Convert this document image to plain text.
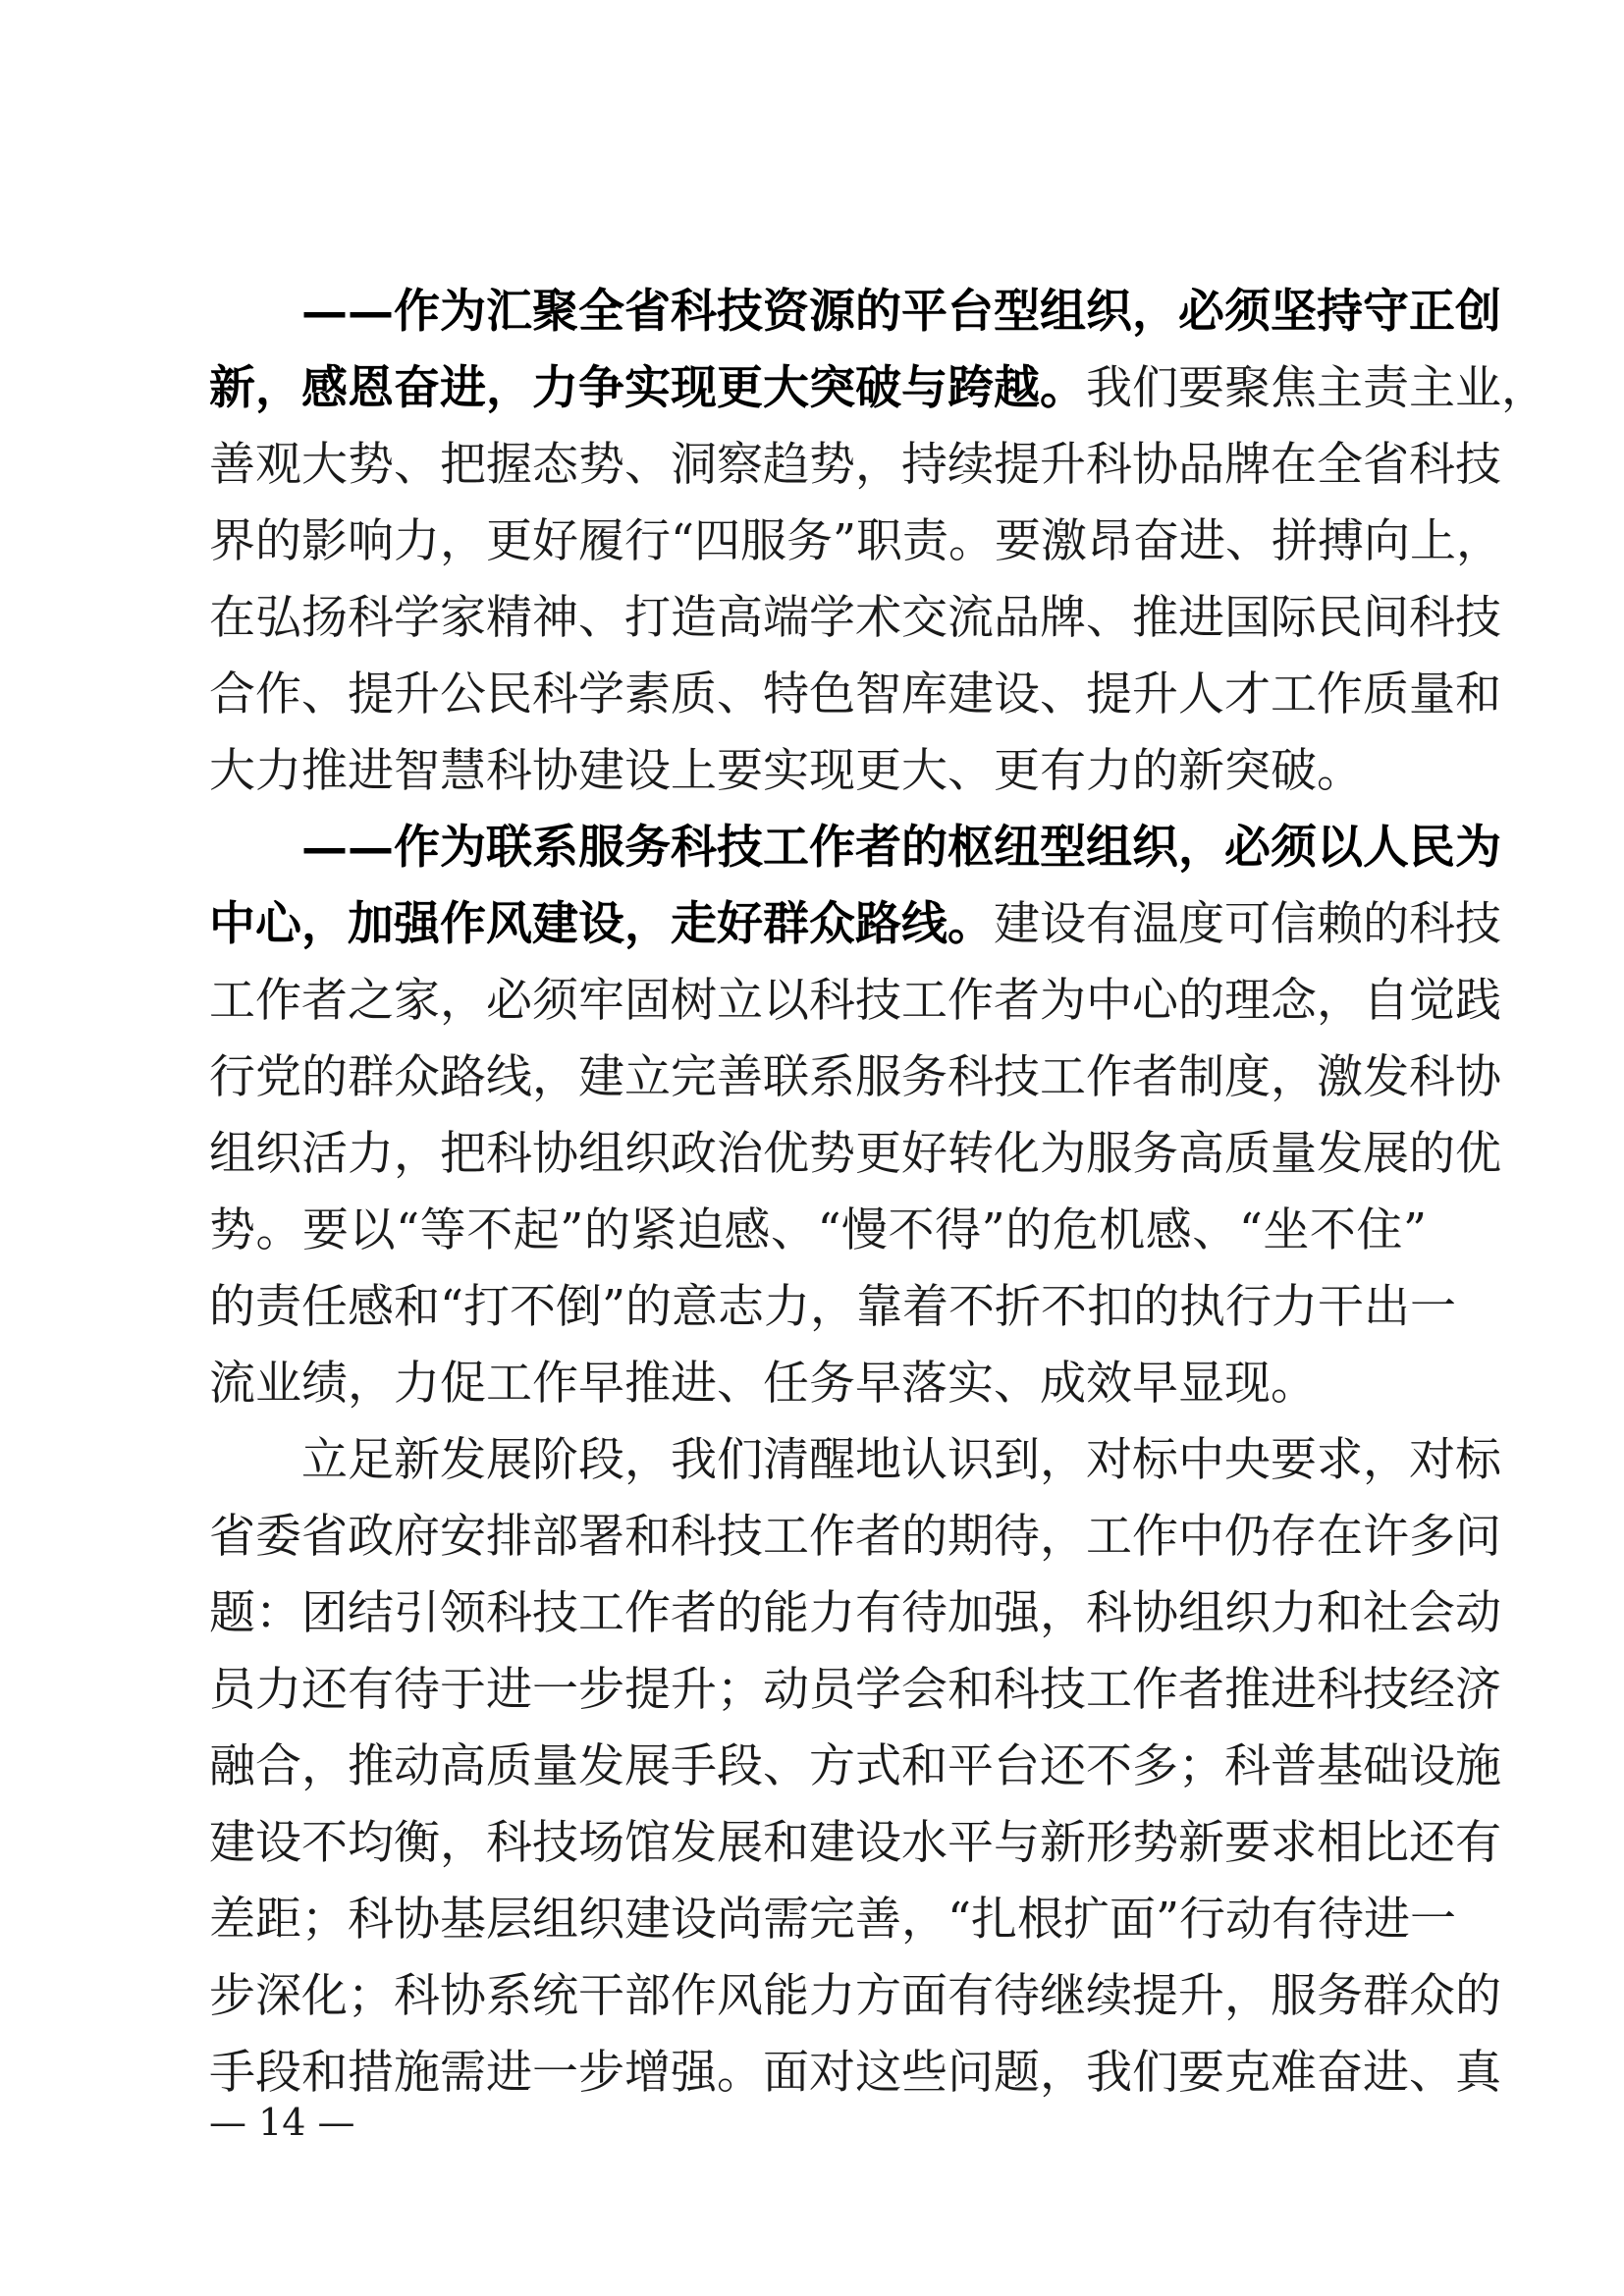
——作为汇聚全省科技资源的平台型组织，必须坚持守正创
新，感恩奋进，力争实现更大突破与跨越。我们要聚焦主责主业，
善观大势、把握态势、洞察趋势，持续提升科协品牌在全省科技
界的影响力，更好履行“四服务”职责。要激昂奋进、拼搏向上，
在弘扬科学家精神、打造高端学术交流品牌、推进国际民间科技
合作、提升公民科学素质、特色智库建设、提升人才工作质量和
大力推进智慧科协建设上要实现更大、更有力的新突破。
——作为联系服务科技工作者的枢纽型组织，必须以人民为
中心，加强作风建设，走好群众路线。建设有温度可信赖的科技
工作者之家，必须牢固树立以科技工作者为中心的理念，自觉践
行党的群众路线，建立完善联系服务科技工作者制度，激发科协
组织活力，把科协组织政治优势更好转化为服务高质量发展的优
势。要以“等不起”的紧迫感、“慢不得”的危机感、“坐不住”
的责任感和“打不倒”的意志力，靠着不折不扣的执行力干出一
流业绩，力促工作早推进、任务早落实、成效早显现。
立足新发展阶段，我们清醒地认识到，对标中央要求，对标
省委省政府安排部署和科技工作者的期待，工作中仍存在许多问
题：团结引领科技工作者的能力有待加强，科协组织力和社会动
员力还有待于进一步提升；动员学会和科技工作者推进科技经济
融合，推动高质量发展手段、方式和平台还不多；科普基础设施
建设不均衡，科技场馆发展和建设水平与新形势新要求相比还有
差距；科协基层组织建设尚需完善，“扎根扩面”行动有待进一
步深化；科协系统干部作风能力方面有待继续提升，服务群众的
手段和措施需进一步增强。面对这些问题，我们要克难奋进、真
— 14 —
